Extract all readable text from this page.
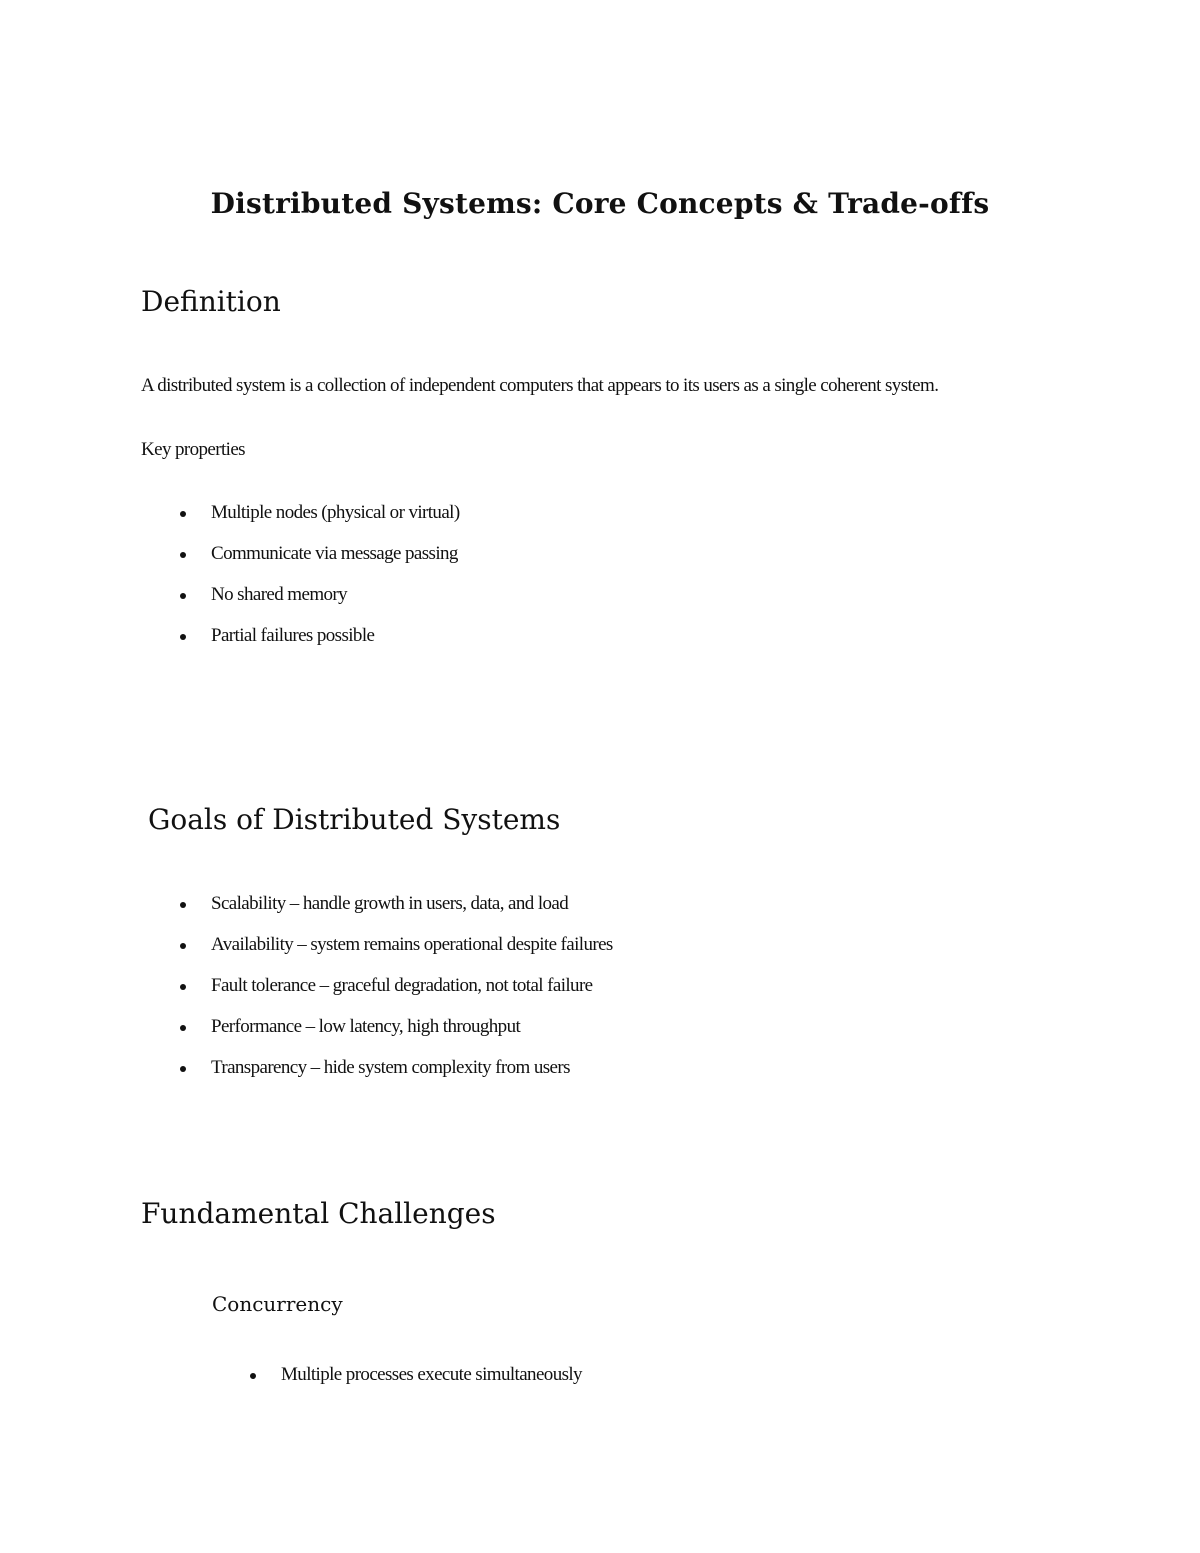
Distributed Systems: Core Concepts & Trade-offs
Definition

A distributed system is a collection of independent computers that appears to its users as a single coherent system.

Key properties

Multiple nodes (physical or virtual)
Communicate via message passing
No shared memory
Partial failures possible
Goals of Distributed Systems
Scalability – handle growth in users, data, and load
Availability – system remains operational despite failures
Fault tolerance – graceful degradation, not total failure
Performance – low latency, high throughput
Transparency – hide system complexity from users
Fundamental Challenges
Concurrency
Multiple processes execute simultaneously
